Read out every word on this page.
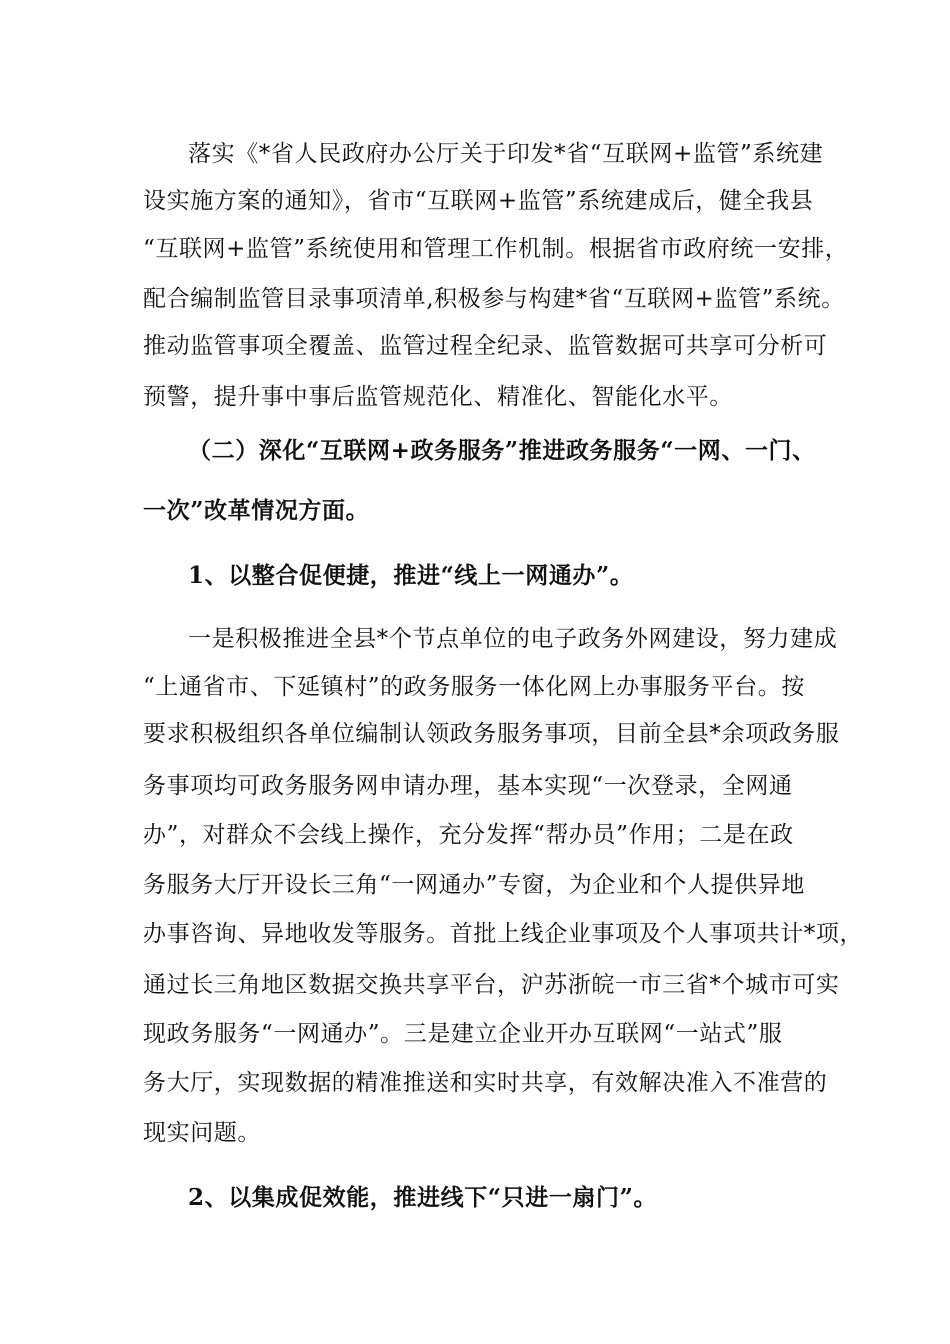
落实《*省人民政府办公厅关于印发*省“互联网+监管”系统建
设实施方案的通知》，省市“互联网+监管”系统建成后，健全我县
“互联网+监管”系统使用和管理工作机制。根据省市政府统一安排，
配合编制监管目录事项清单,积极参与构建*省“互联网+监管”系统。
推动监管事项全覆盖、监管过程全纪录、监管数据可共享可分析可
预警，提升事中事后监管规范化、精准化、智能化水平。
（二）深化“互联网+政务服务”推进政务服务“一网、一门、
一次”改革情况方面。
1、以整合促便捷，推进“线上一网通办”。
一是积极推进全县*个节点单位的电子政务外网建设，努力建成
“上通省市、下延镇村”的政务服务一体化网上办事服务平台。按
要求积极组织各单位编制认领政务服务事项，目前全县*余项政务服
务事项均可政务服务网申请办理，基本实现“一次登录，全网通
办”，对群众不会线上操作，充分发挥“帮办员”作用；二是在政
务服务大厅开设长三角“一网通办”专窗，为企业和个人提供异地
办事咨询、异地收发等服务。首批上线企业事项及个人事项共计*项，
通过长三角地区数据交换共享平台，沪苏浙皖一市三省*个城市可实
现政务服务“一网通办”。三是建立企业开办互联网“一站式”服
务大厅，实现数据的精准推送和实时共享，有效解决准入不准营的
现实问题。
2、以集成促效能，推进线下“只进一扇门”。
